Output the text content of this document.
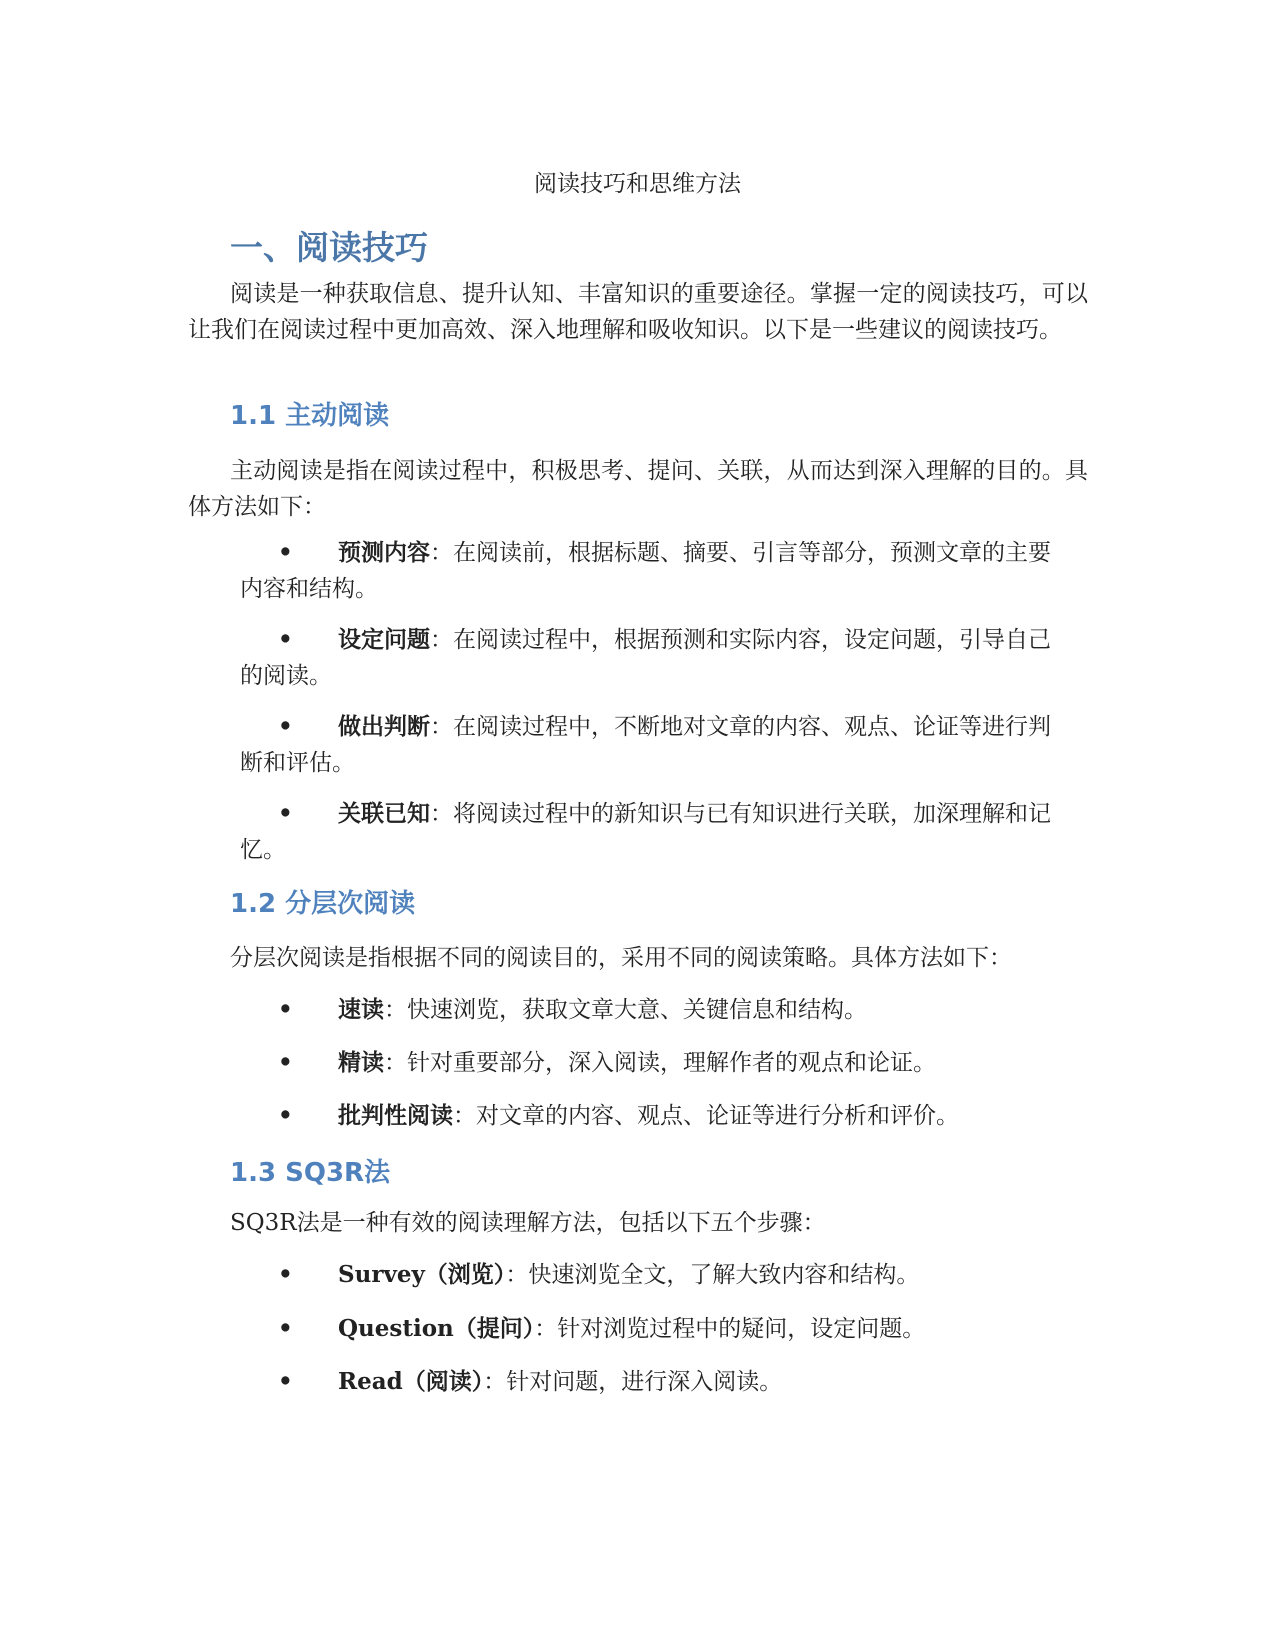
阅读技巧和思维方法
一、阅读技巧
阅读是一种获取信息、提升认知、丰富知识的重要途径。掌握一定的阅读技巧，可以让我们在阅读过程中更加高效、深入地理解和吸收知识。以下是一些建议的阅读技巧。
1.1 主动阅读
主动阅读是指在阅读过程中，积极思考、提问、关联，从而达到深入理解的目的。具体方法如下：
•	预测内容：在阅读前，根据标题、摘要、引言等部分，预测文章的主要内容和结构。
•	设定问题：在阅读过程中，根据预测和实际内容，设定问题，引导自己的阅读。
•	做出判断：在阅读过程中，不断地对文章的内容、观点、论证等进行判断和评估。
•	关联已知：将阅读过程中的新知识与已有知识进行关联，加深理解和记忆。
1.2 分层次阅读
分层次阅读是指根据不同的阅读目的，采用不同的阅读策略。具体方法如下：
•	速读：快速浏览，获取文章大意、关键信息和结构。
•	精读：针对重要部分，深入阅读，理解作者的观点和论证。
•	批判性阅读：对文章的内容、观点、论证等进行分析和评价。
1.3 SQ3R法
SQ3R法是一种有效的阅读理解方法，包括以下五个步骤：
•	Survey（浏览）：快速浏览全文，了解大致内容和结构。
•	Question（提问）：针对浏览过程中的疑问，设定问题。
•	Read（阅读）：针对问题，进行深入阅读。
